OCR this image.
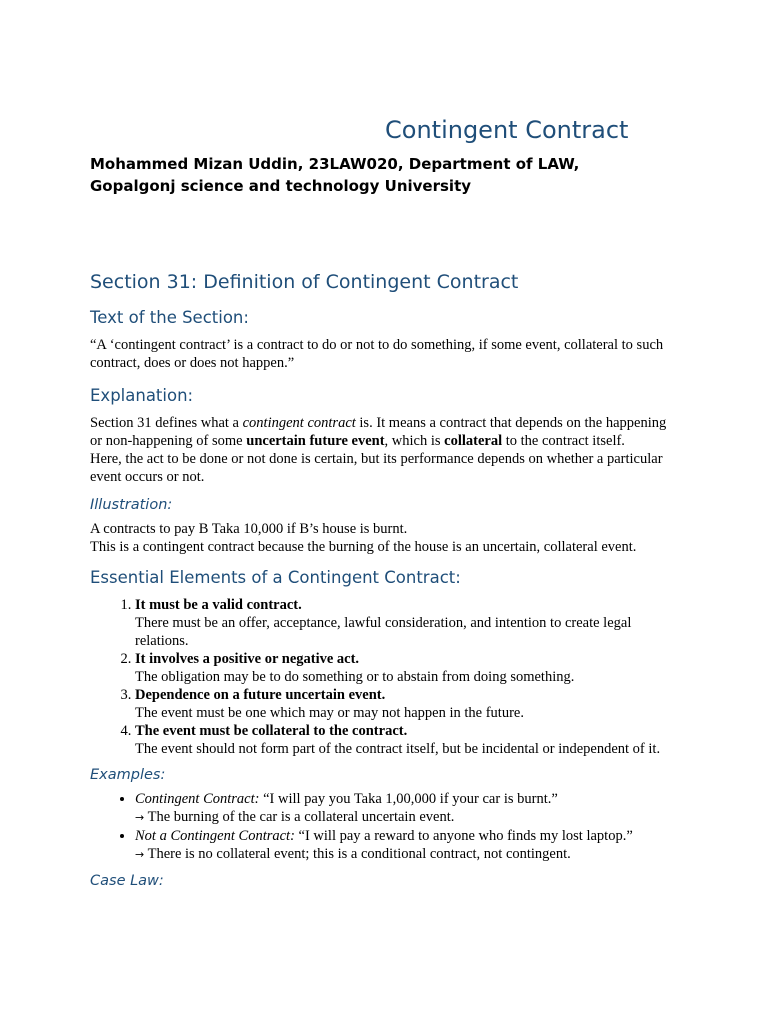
Contingent Contract
Mohammed Mizan Uddin, 23LAW020, Department of LAW,
Gopalgonj science and technology University
Section 31: Definition of Contingent Contract
Text of the Section:

“A ‘contingent contract’ is a contract to do or not to do something, if some event, collateral to such contract, does or does not happen.”

Explanation:

Section 31 defines what a contingent contract is. It means a contract that depends on the happening or non-happening of some uncertain future event, which is collateral to the contract itself.

Here, the act to be done or not done is certain, but its performance depends on whether a particular event occurs or not.

Illustration:

A contracts to pay B Taka 10,000 if B’s house is burnt.

This is a contingent contract because the burning of the house is an uncertain, collateral event.

Essential Elements of a Contingent Contract:
1. It must be a valid contract.
There must be an offer, acceptance, lawful consideration, and intention to create legal relations.
2. It involves a positive or negative act.
The obligation may be to do something or to abstain from doing something.
3. Dependence on a future uncertain event.
The event must be one which may or may not happen in the future.
4. The event must be collateral to the contract.
The event should not form part of the contract itself, but be incidental or independent of it.
Examples:
• Contingent Contract: “I will pay you Taka 1,00,000 if your car is burnt.”
→ The burning of the car is a collateral uncertain event.
• Not a Contingent Contract: “I will pay a reward to anyone who finds my lost laptop.”
→ There is no collateral event; this is a conditional contract, not contingent.
Case Law:
